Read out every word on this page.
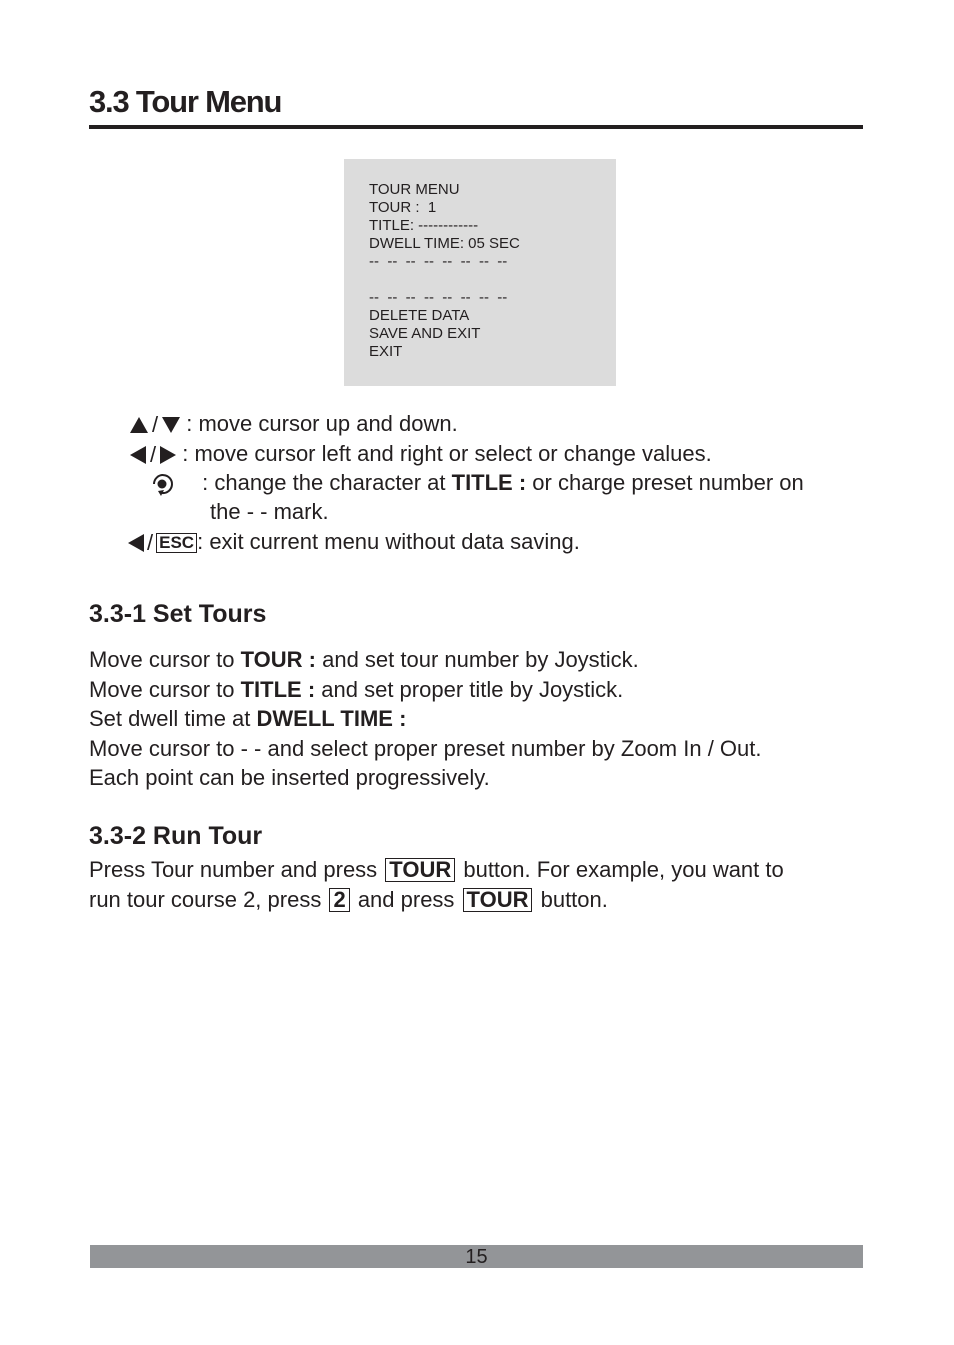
3.3 Tour Menu
TOUR MENU
TOUR :  1
TITLE: ------------
DWELL TIME: 05 SEC
--  --  --  --  --  --  --  --
--  --  --  --  --  --  --  --
DELETE DATA
SAVE AND EXIT
EXIT
/ : move cursor up and down.
/ : move cursor left and right or select or change values.
: change the character at TITLE : or charge preset number on
the - - mark.
/ ESC : exit current menu without data saving.
3.3-1 Set Tours
Move cursor to TOUR : and set tour number by Joystick.
Move cursor to TITLE : and set proper title by Joystick.
Set dwell time at DWELL TIME :
Move cursor to - - and select proper preset number by Zoom In / Out.
Each point can be inserted progressively.
3.3-2 Run Tour
Press Tour number and press TOUR button. For example, you want to
run tour course 2, press 2 and press TOUR button.
15
